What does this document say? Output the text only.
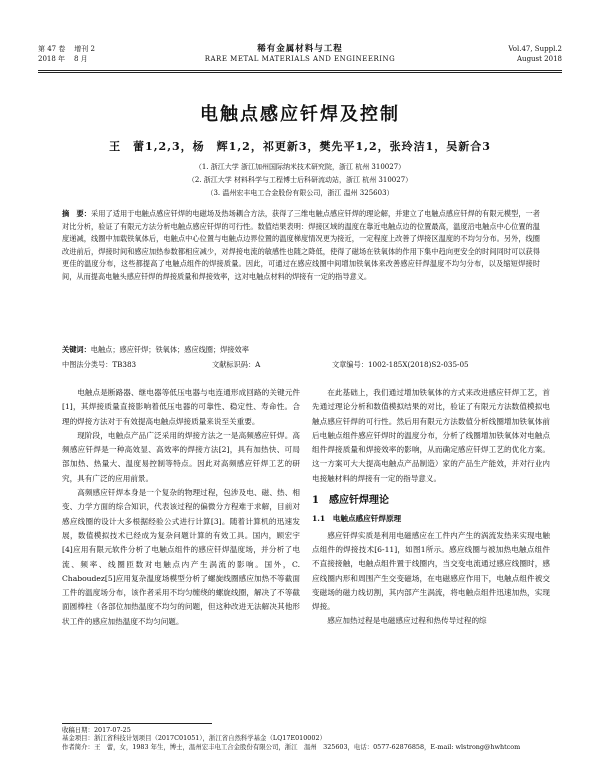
第 47 卷 增刊 2
2018 年 8 月
稀有金属材料与工程
RARE METAL MATERIALS AND ENGINEERING
Vol.47, Suppl.2
August 2018
电触点感应钎焊及控制
王　蕾1,2,3，杨　辉1,2，祁更新3，樊先平1,2，张玲洁1，吴新合3
（1. 浙江大学 浙江加州国际纳米技术研究院，浙江 杭州 310027）
（2. 浙江大学 材料科学与工程博士后科研流动站，浙江 杭州 310027）
（3. 温州宏丰电工合金股份有限公司，浙江 温州 325603）
摘　要：采用了适用于电触点感应钎焊的电磁场及热场耦合方法，获得了三维电触点感应钎焊的理论解，并建立了电触点感应钎焊的有限元模型，一者对比分析，验证了有限元方法分析电触点感应钎焊的可行性。数值结果表明：焊接区域的温度在靠近电触点边的位置最高，温度沿电触点中心位置的温度递减，线圈中加载铁氧体后，电触点中心位置与电触点边界位置的温度梯度情况更为接近，一定程度上改善了焊接区温度的不均匀分布。另外，线圈改进前后，焊接时间和感应加热参数都相应减少，对焊接电流的敏感性也随之降低，使得了磁场在铁氧体的作用下集中趋向更安全的时间同时可以获得更佳的温度分布，这些都提高了电触点组件的焊接质量。因此，可通过在感应线圈中间增加铁氧体来改善感应钎焊温度不均匀分布，以及缩短焊接时间，从而提高电触头感应钎焊的焊接质量和焊接效率，这对电触点材料的焊接有一定的指导意义。
关键词：电触点；感应钎焊；铁氧体；感应线圈；焊接效率
中图法分类号：TB383	文献标识码：A	文章编号：1002-185X(2018)S2-035-05

电触点是断路器、继电器等低压电器与电连通形成回路的关键元件[1]，其焊接质量直接影响着低压电器的可靠性、稳定性、寿命性。合理的焊接方法对于有效提高电触点焊接质量来说至关重要。

现阶段，电触点产品广泛采用的焊接方法之一是高频感应钎焊。高频感应钎焊是一种高效显、高效率的焊接方法[2]，具有加热快、可局部加热、热量大、温度易控制等特点。因此对高频感应钎焊工艺的研究，具有广泛的应用前景。

高频感应钎焊本身是一个复杂的物理过程，包涉及电、磁、热、相变、力学方面的综合知识，代表该过程的偏微分方程难于求解，目前对感应线圈的设计大多根据经验公式进行计算[3]。随着计算机的迅速发展，数值模拟技术已经成为复杂问题计算的有效工具。国内，顾宏宇[4]应用有限元软件分析了电触点组件的感应钎焊温度场，并分析了电流、频率、线圈匝数对电触点内产生涡流的影响。国外，C. Chaboudez[5]应用复杂温度场模型分析了螺旋线圈感应加热不等截面工件的温度场分布，该作者采用不均匀缠绕的螺旋线圈，解决了不等截面圆棒柱（各部位加热温度不均匀的问题，但这种改进无法解决其他形状工件的感应加热温度不均匀问题。

在此基础上，我们通过增加铁氧体的方式来改进感应钎焊工艺，首先通过理论分析和数值模拟结果的对比，验证了有限元方法数值模拟电触点感应钎焊的可行性。然后用有限元方法数值分析线圈增加铁氧体前后电触点组件感应钎焊时的温度分布，分析了线圈增加铁氧体对电触点组件焊接质量和焊接效率的影响，从而确定感应钎焊工艺的优化方案。这一方案可大大提高电触点产品制造）家的产品生产能效，并对行业内电接触材料的焊接有一定的指导意义。

1　感应钎焊理论
1.1　电触点感应钎焊原理

感应钎焊实质是利用电磁感应在工件内产生的涡流发热来实现电触点组件的焊接技术[6-11]，如图1所示。感应线圈与被加热电触点组件不直接接触，电触点组件置于线圈内，当交变电流通过感应线圈时，感应线圈内形和周围产生交变磁场，在电磁感应作用下，电触点组件被交变磁场的磁力线切割，其内部产生涡流，将电触点组件迅速加热，实现焊接。

感应加热过程是电磁感应过程和热传导过程的综

收稿日期：2017-07-25
基金项目：浙江省科技计划项目（2017C01051），浙江省自然科学基金（LQ17E010002）
作者简介：王　蕾，女，1983 年生，博士，温州宏丰电工合金股份有限公司，浙江　温州　325603，电话：0577-62876858，E-mail: wlstrong@hwhtcom
